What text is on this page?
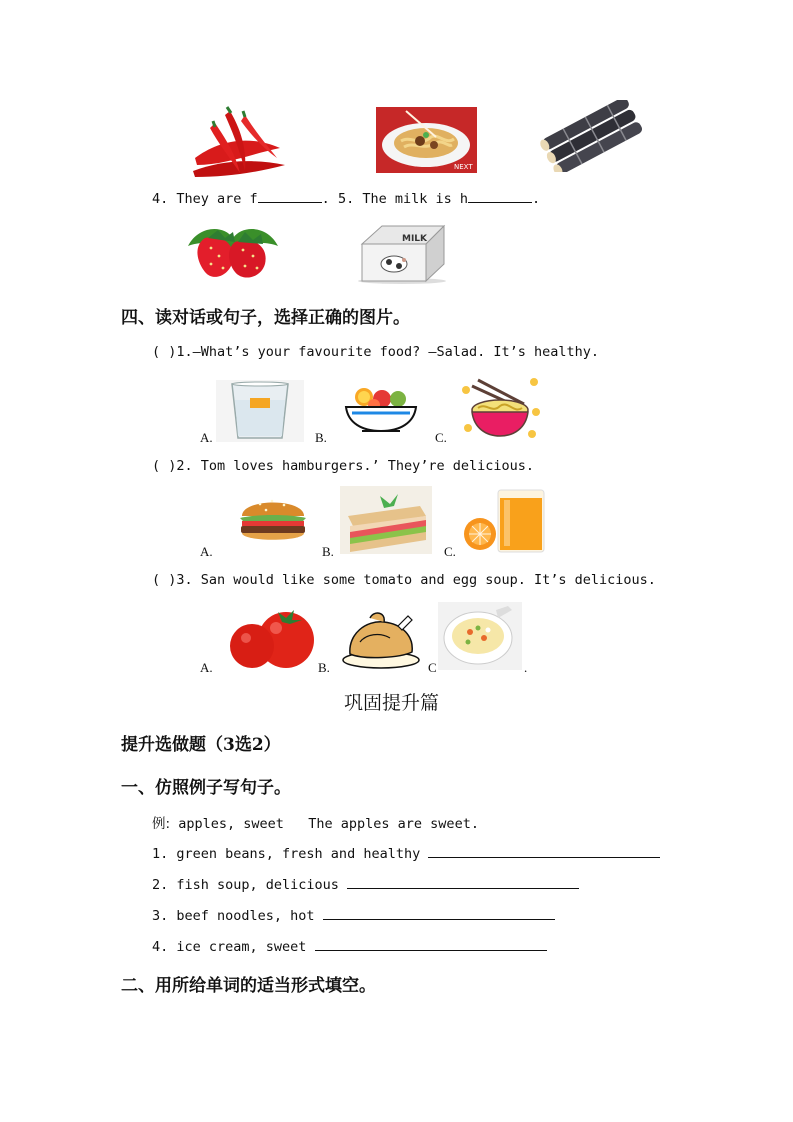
NEXT
4. They are f	. 5. The milk is h	.
MILK
四、读对话或句子，选择正确的图片。
( )1.—What’s your favourite food? —Salad. It’s healthy.
A.	B.	C.
( )2. Tom loves hamburgers.’ They’re delicious.
A.	B.	C.
( )3. San would like some tomato and egg soup. It’s delicious.
A.	B.	C	.
巩固提升篇
提升选做题（3选2）
一、仿照例子写句子。
例: apples, sweet The apples are sweet.
1. green beans, fresh and healthy
2. fish soup, delicious
3. beef noodles, hot
4. ice cream, sweet
二、用所给单词的适当形式填空。
